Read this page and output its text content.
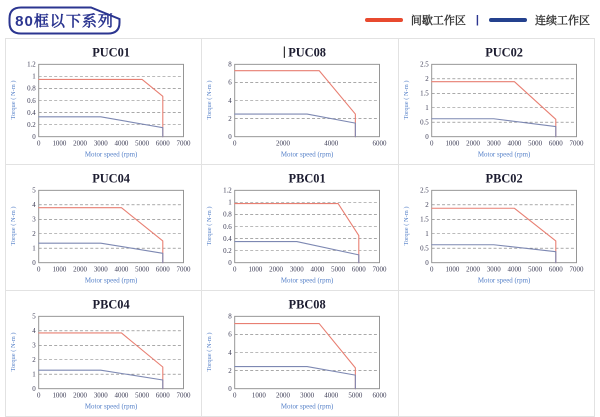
80框以下系列	间歇工作区 |	连续工作区
PUC01
0
0.2
0.4
0.6
0.8
1
1.2
0 1000 2000 3000 4000 5000 6000 7000
Motor speed (rpm)
Torque ( N-m )
PUC08
0
2
4
6
8
0	2000	4000	6000
Motor speed (rpm)
Torque ( N-m )
PUC02
0
0.5
1
1.5
2
2.5
0 1000 2000 3000 4000 5000 6000 7000
Motor speed (rpm)
Torque ( N-m )
PUC04
0
1
2
3
4
5
0 1000 2000 3000 4000 5000 6000 7000
Motor speed (rpm)
Torque ( N-m )
PBC01
0
0.2
0.4
0.6
0.8
1
1.2
0 1000 2000 3000 4000 5000 6000 7000
Motor speed (rpm)
Torque ( N-m )
PBC02
0
0.5
1
1.5
2
2.5
0 1000 2000 3000 4000 5000 6000 7000
Motor speed (rpm)
Torque ( N-m )
PBC04
0
1
2
3
4
5
0 1000 2000 3000 4000 5000 6000 7000
Motor speed (rpm)
Torque ( N-m )
PBC08
0
2
4
6
8
0 1000 2000 3000 4000 5000 6000
Motor speed (rpm)
Torque ( N-m )
